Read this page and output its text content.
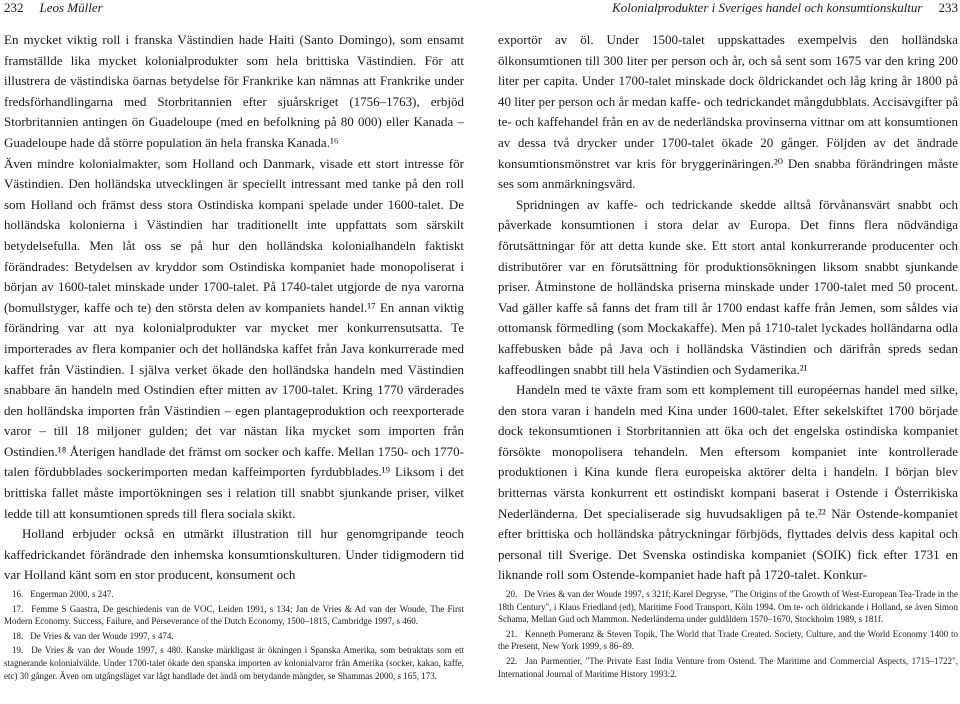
232 Leos Müller

En mycket viktig roll i franska Västindien hade Haiti (Santo Domingo), som ensamt framställde lika mycket kolonialprodukter som hela brittiska Västindien. För att illustrera de västindiska öarnas betydelse för Frankrike kan nämnas att Frankrike under fredsförhandlingarna med Storbritannien efter sjuårskriget (1756–1763), erbjöd Storbritannien antingen ön Guadeloupe (med en befolkning på 80 000) eller Kanada – Guadeloupe hade då större population än hela franska Kanada.¹⁶

Även mindre kolonialmakter, som Holland och Danmark, visade ett stort intresse för Västindien. Den holländska utvecklingen är speciellt intressant med tanke på den roll som Holland och främst dess stora Ostindiska kompani spelade under 1600-talet. De holländska kolonierna i Västindien har traditionellt inte uppfattats som särskilt betydelsefulla. Men låt oss se på hur den holländska kolonialhandeln faktiskt förändrades: Betydelsen av kryddor som Ostindiska kompaniet hade monopoliserat i början av 1600-talet minskade under 1700-talet. På 1740-talet utgjorde de nya varorna (bomullstyger, kaffe och te) den största delen av kompaniets handel.¹⁷ En annan viktig förändring var att nya kolonialprodukter var mycket mer konkurrensutsatta. Te importerades av flera kompanier och det holländska kaffet från Java konkurrerade med kaffet från Västindien. I själva verket ökade den holländska handeln med Västindien snabbare än handeln med Ostindien efter mitten av 1700-talet. Kring 1770 värderades den holländska importen från Västindien – egen plantageproduktion och reexporterade varor – till 18 miljoner gulden; det var nästan lika mycket som importen från Ostindien.¹⁸ Återigen handlade det främst om socker och kaffe. Mellan 1750- och 1770-talen fördubblades sockerimporten medan kaffeimporten fyrdubblades.¹⁹ Liksom i det brittiska fallet måste importökningen ses i relation till snabbt sjunkande priser, vilket ledde till att konsumtionen spreds till flera sociala skikt.

Holland erbjuder också en utmärkt illustration till hur genomgripande teoch kaffedrickandet förändrade den inhemska konsumtionskulturen. Under tidigmodern tid var Holland känt som en stor producent, konsument och

16. Engerman 2000, s 247.

17. Femme S Gaastra, De geschiedenis van de VOC, Leiden 1991, s 134; Jan de Vries & Ad van der Woude, The First Modern Economy. Success, Failure, and Perseverance of the Dutch Economy, 1500–1815, Cambridge 1997, s 460.

18. De Vries & van der Woude 1997, s 474.

19. De Vries & van der Woude 1997, s 480. Kanske märkligast är ökningen i Spanska Amerika, som betraktats som ett stagnerande kolonialvälde. Under 1700-talet ökade den spanska importen av kolonialvaror från Amerika (socker, kakao, kaffe, etc) 30 gånger. Även om utgångsläget var lågt handlade det ändå om betydande mängder, se Shammas 2000, s 165, 173.

Kolonialprodukter i Sveriges handel och konsumtionskultur 233

exportör av öl. Under 1500-talet uppskattades exempelvis den holländska ölkonsumtionen till 300 liter per person och år, och så sent som 1675 var den kring 200 liter per capita. Under 1700-talet minskade dock öldrickandet och låg kring år 1800 på 40 liter per person och år medan kaffe- och tedrickandet mångdubblats. Accisavgifter på te- och kaffehandel från en av de nederländska provinserna vittnar om att konsumtionen av dessa två drycker under 1700-talet ökade 20 gånger. Följden av det ändrade konsumtionsmönstret var kris för bryggerinäringen.²⁰ Den snabba förändringen måste ses som anmärkningsvärd.

Spridningen av kaffe- och tedrickande skedde alltså förvånansvärt snabbt och påverkade konsumtionen i stora delar av Europa. Det finns flera nödvändiga förutsättningar för att detta kunde ske. Ett stort antal konkurrerande producenter och distributörer var en förutsättning för produktionsökningen liksom snabbt sjunkande priser. Åtminstone de holländska priserna minskade under 1700-talet med 50 procent. Vad gäller kaffe så fanns det fram till år 1700 endast kaffe från Jemen, som såldes via ottomansk förmedling (som Mockakaffe). Men på 1710-talet lyckades holländarna odla kaffebusken både på Java och i holländska Västindien och därifrån spreds sedan kaffeodlingen snabbt till hela Västindien och Sydamerika.²¹

Handeln med te växte fram som ett komplement till européernas handel med silke, den stora varan i handeln med Kina under 1600-talet. Efter sekelskiftet 1700 började dock tekonsumtionen i Storbritannien att öka och det engelska ostindiska kompaniet försökte monopolisera tehandeln. Men eftersom kompaniet inte kontrollerade produktionen i Kina kunde flera europeiska aktörer delta i handeln. I början blev britternas värsta konkurrent ett ostindiskt kompani baserat i Ostende i Österrikiska Nederländerna. Det specialiserade sig huvudsakligen på te.²² När Ostende-kompaniet efter brittiska och holländska påtryckningar förbjöds, flyttades delvis dess kapital och personal till Sverige. Det Svenska ostindiska kompaniet (SOIK) fick efter 1731 en liknande roll som Ostende-kompaniet hade haft på 1720-talet. Konkur-

20. De Vries & van der Woude 1997, s 321f; Karel Degryse, "The Origins of the Growth of West-European Tea-Trade in the 18th Century", i Klaus Friedland (ed), Maritime Food Transport, Köln 1994. Om te- och öldrickande i Holland, se även Simon Schama, Mellan Gud och Mammon. Nederländerna under guldåldern 1570–1670, Stockholm 1989, s 181f.

21. Kenneth Pomeranz & Steven Topik, The World that Trade Created. Society, Culture, and the World Economy 1400 to the Present, New York 1999, s 86–89.

22. Jan Parmentier, "The Private East India Venture from Ostend. The Maritime and Commercial Aspects, 1715–1722", International Journal of Maritime History 1993:2.
